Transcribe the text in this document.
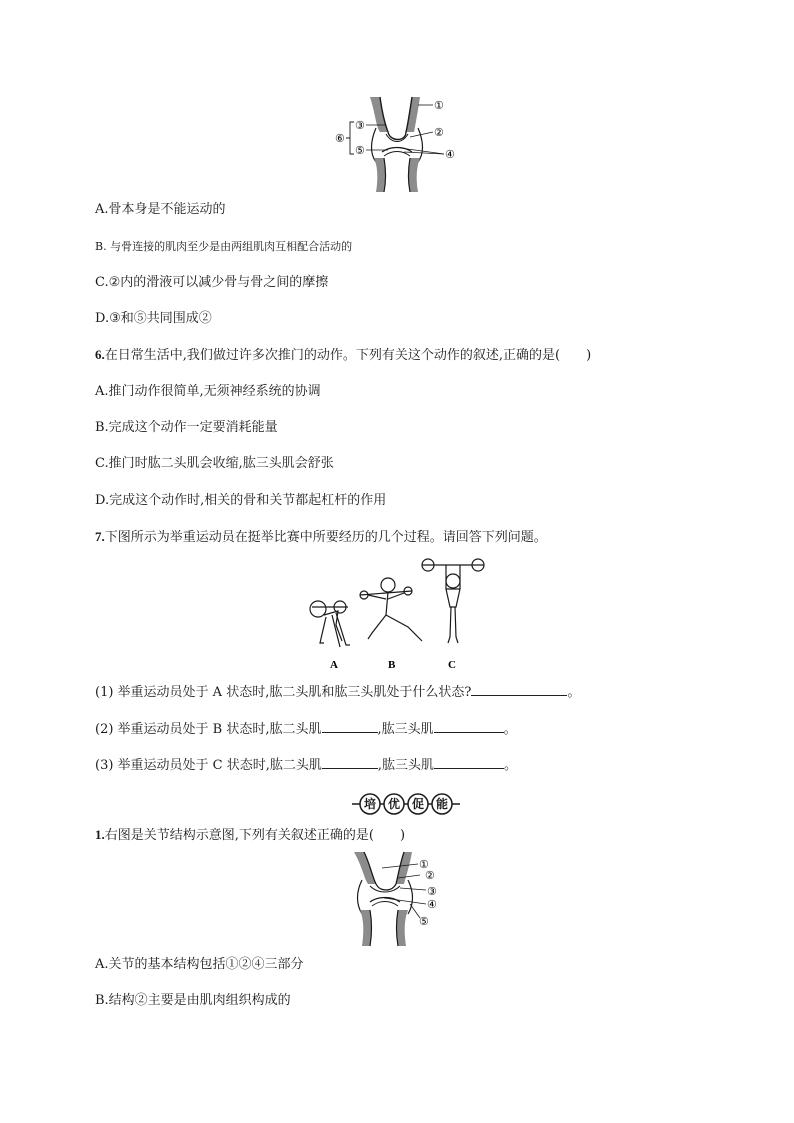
①
②
③
④
⑤
⑥
A.骨本身是不能运动的
B. 与骨连接的肌肉至少是由两组肌肉互相配合活动的
C.②内的滑液可以减少骨与骨之间的摩擦
D.③和⑤共同围成②
6.在日常生活中,我们做过许多次推门的动作。下列有关这个动作的叙述,正确的是( )
A.推门动作很简单,无须神经系统的协调
B.完成这个动作一定要消耗能量
C.推门时肱二头肌会收缩,肱三头肌会舒张
D.完成这个动作时,相关的骨和关节都起杠杆的作用
7.下图所示为举重运动员在挺举比赛中所要经历的几个过程。请回答下列问题。
A	B	C
(1) 举重运动员处于 A 状态时,肱二头肌和肱三头肌处于什么状态?	。
(2) 举重运动员处于 B 状态时,肱二头肌	,肱三头肌	。
(3) 举重运动员处于 C 状态时,肱二头肌	,肱三头肌	。
培 优 促 能
1.右图是关节结构示意图,下列有关叙述正确的是( )
①
②
③
④
⑤
A.关节的基本结构包括①②④三部分
B.结构②主要是由肌肉组织构成的
